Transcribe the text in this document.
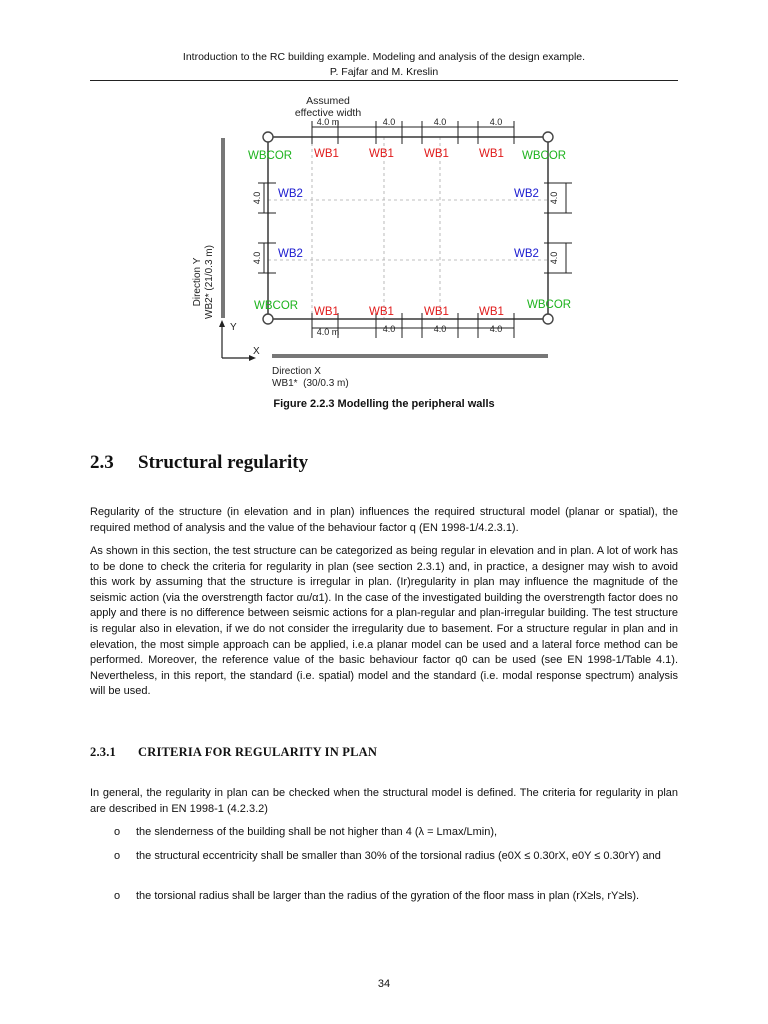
Introduction to the RC building example. Modeling and analysis of the design example.
P. Fajfar and M. Kreslin
Assumed
effective width
4.0 m	4.0	4.0	4.0
4.0 m	4.0	4.0	4.0
4.0
4.0
4.0
4.0
WBCOR	WBCOR
WBCOR	WBCOR
WB1	WB1	WB1	WB1
WB1	WB1	WB1	WB1
WB2
WB2
WB2
WB2
Direction Y WB2* (21/0.3 m)
Y
X
Direction X
WB1*  (30/0.3 m)
Figure 2.2.3 Modelling the peripheral walls
2.3 Structural regularity

Regularity of the structure (in elevation and in plan) influences the required structural model (planar or spatial), the required method of analysis and the value of the behaviour factor q (EN 1998-1/4.2.3.1).

As shown in this section, the test structure can be categorized as being regular in elevation and in plan. A lot of work has to be done to check the criteria for regularity in plan (see section 2.3.1) and, in practice, a designer may wish to avoid this work by assuming that the structure is irregular in plan. (Ir)regularity in plan may influence the magnitude of the seismic action (via the overstrength factor αu/α1). In the case of the investigated building the overstrength factor does no apply and there is no difference between seismic actions for a plan-regular and plan-irregular building. The test structure is regular also in elevation, if we do not consider the irregularity due to basement. For a structure regular in plan and in elevation, the most simple approach can be applied, i.e.a planar model can be used and a lateral force method can be performed. Moreover, the reference value of the basic behaviour factor q0 can be used (see EN 1998-1/Table 4.1). Nevertheless, in this report, the standard (i.e. spatial) model and the standard (i.e. modal response spectrum) analysis will be used.

2.3.1 CRITERIA FOR REGULARITY IN PLAN

In general, the regularity in plan can be checked when the structural model is defined. The criteria for regularity in plan are described in EN 1998-1 (4.2.3.2)

o the slenderness of the building shall be not higher than 4 (λ = Lmax/Lmin),
o the structural eccentricity shall be smaller than 30% of the torsional radius (e0X ≤ 0.30rX, e0Y ≤ 0.30rY) and
o the torsional radius shall be larger than the radius of the gyration of the floor mass in plan (rX≥ls, rY≥ls).
34
